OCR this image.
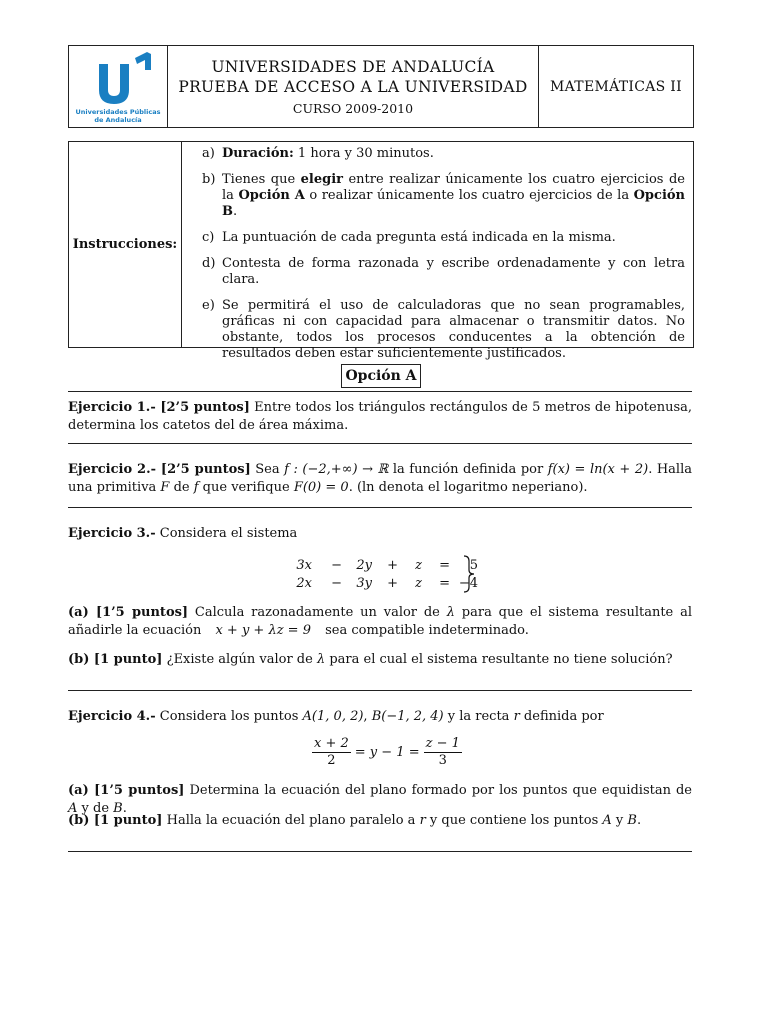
Universidades Públicas
de Andalucía
UNIVERSIDADES DE ANDALUCÍA
PRUEBA DE ACCESO A LA UNIVERSIDAD
CURSO 2009-2010
MATEMÁTICAS II
Instrucciones:
a) Duración: 1 hora y 30 minutos.
b) Tienes que elegir entre realizar únicamente los cuatro ejercicios de la Opción A o realizar únicamente los cuatro ejercicios de la Opción B.
c) La puntuación de cada pregunta está indicada en la misma.
d) Contesta de forma razonada y escribe ordenadamente y con letra clara.
e) Se permitirá el uso de calculadoras que no sean programables, gráficas ni con capacidad para almacenar o transmitir datos. No obstante, todos los procesos conducentes a la obtención de resultados deben estar suficientemente justificados.
Opción A
Ejercicio 1.- [2’5 puntos] Entre todos los triángulos rectángulos de 5 metros de hipotenusa, determina los catetos del de área máxima.
Ejercicio 2.- [2’5 puntos] Sea f : (−2,+∞) → ℝ la función definida por f(x) = ln(x + 2). Halla una primitiva F de f que verifique F(0) = 0. (ln denota el logaritmo neperiano).
Ejercicio 3.- Considera el sistema
3x	−	2y	+	z	=	5
2x	−	3y	+	z	= −4
(a) [1’5 puntos] Calcula razonadamente un valor de λ para que el sistema resultante al añadirle la ecuación x + y + λz = 9 sea compatible indeterminado.
(b) [1 punto] ¿Existe algún valor de λ para el cual el sistema resultante no tiene solución?
Ejercicio 4.- Considera los puntos A(1, 0, 2), B(−1, 2, 4) y la recta r definida por
$\frac{x + 2}{2} = y - 1 = \frac{z - 1}{3}$
(a) [1’5 puntos] Determina la ecuación del plano formado por los puntos que equidistan de A y de B.
(b) [1 punto] Halla la ecuación del plano paralelo a r y que contiene los puntos A y B.
